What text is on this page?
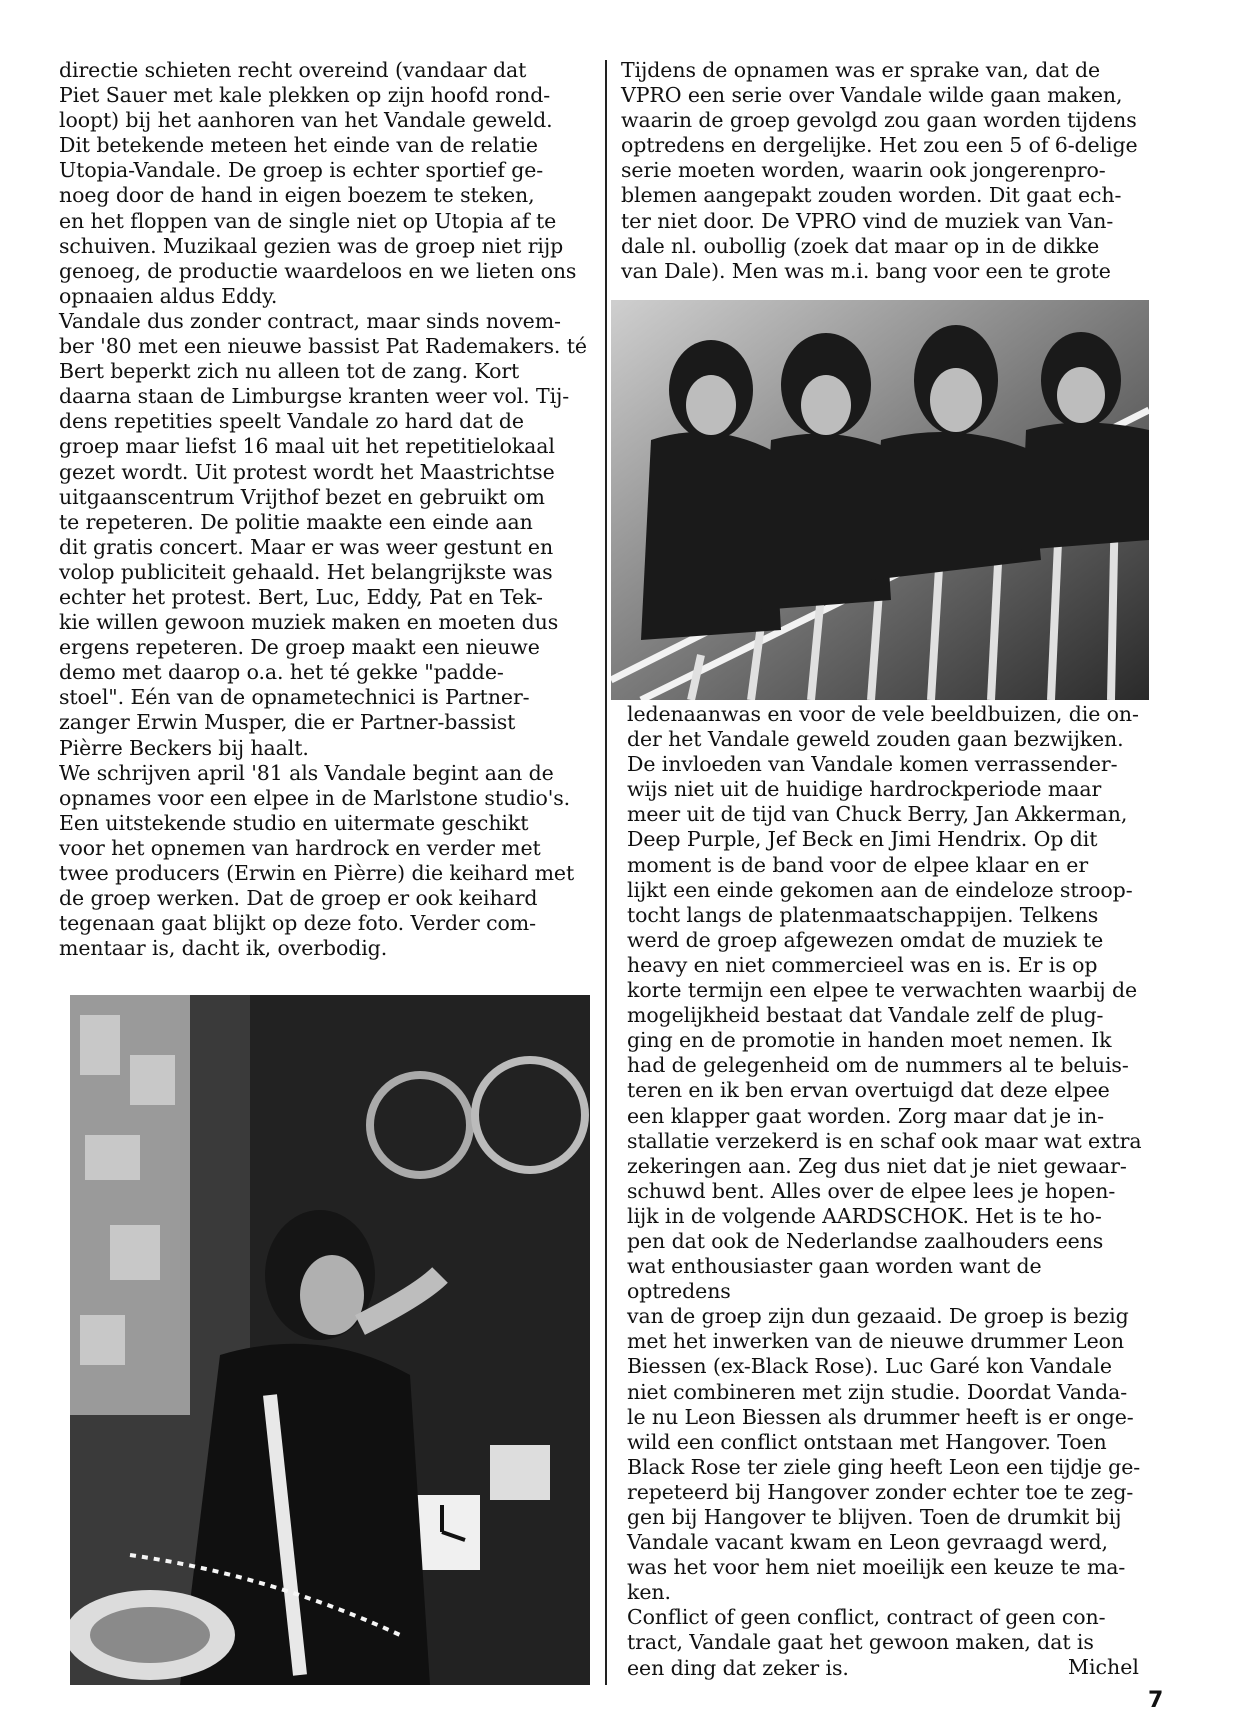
directie schieten recht overeind (vandaar dat
Piet Sauer met kale plekken op zijn hoofd rond-
loopt) bij het aanhoren van het Vandale geweld.
Dit betekende meteen het einde van de relatie
Utopia-Vandale. De groep is echter sportief ge-
noeg door de hand in eigen boezem te steken,
en het floppen van de single niet op Utopia af te
schuiven. Muzikaal gezien was de groep niet rijp
genoeg, de productie waardeloos en we lieten ons
opnaaien aldus Eddy.
Vandale dus zonder contract, maar sinds novem-
ber '80 met een nieuwe bassist Pat Rademakers. té
Bert beperkt zich nu alleen tot de zang. Kort
daarna staan de Limburgse kranten weer vol. Tij-
dens repetities speelt Vandale zo hard dat de
groep maar liefst 16 maal uit het repetitielokaal
gezet wordt. Uit protest wordt het Maastrichtse
uitgaanscentrum Vrijthof bezet en gebruikt om
te repeteren. De politie maakte een einde aan
dit gratis concert. Maar er was weer gestunt en
volop publiciteit gehaald. Het belangrijkste was
echter het protest. Bert, Luc, Eddy, Pat en Tek-
kie willen gewoon muziek maken en moeten dus
ergens repeteren. De groep maakt een nieuwe
demo met daarop o.a. het té gekke "padde-
stoel". Eén van de opnametechnici is Partner-
zanger Erwin Musper, die er Partner-bassist
Pièrre Beckers bij haalt.
We schrijven april '81 als Vandale begint aan de
opnames voor een elpee in de Marlstone studio's.
Een uitstekende studio en uitermate geschikt
voor het opnemen van hardrock en verder met
twee producers (Erwin en Pièrre) die keihard met
de groep werken. Dat de groep er ook keihard
tegenaan gaat blijkt op deze foto. Verder com-
mentaar is, dacht ik, overbodig.
Tijdens de opnamen was er sprake van, dat de
VPRO een serie over Vandale wilde gaan maken,
waarin de groep gevolgd zou gaan worden tijdens
optredens en dergelijke. Het zou een 5 of 6-delige
serie moeten worden, waarin ook jongerenpro-
blemen aangepakt zouden worden. Dit gaat ech-
ter niet door. De VPRO vind de muziek van Van-
dale nl. oubollig (zoek dat maar op in de dikke
van Dale). Men was m.i. bang voor een te grote
ledenaanwas en voor de vele beeldbuizen, die on-
der het Vandale geweld zouden gaan bezwijken.
De invloeden van Vandale komen verrassender-
wijs niet uit de huidige hardrockperiode maar
meer uit de tijd van Chuck Berry, Jan Akkerman,
Deep Purple, Jef Beck en Jimi Hendrix. Op dit
moment is de band voor de elpee klaar en er
lijkt een einde gekomen aan de eindeloze stroop-
tocht langs de platenmaatschappijen. Telkens
werd de groep afgewezen omdat de muziek te
heavy en niet commercieel was en is. Er is op
korte termijn een elpee te verwachten waarbij de
mogelijkheid bestaat dat Vandale zelf de plug-
ging en de promotie in handen moet nemen. Ik
had de gelegenheid om de nummers al te beluis-
teren en ik ben ervan overtuigd dat deze elpee
een klapper gaat worden. Zorg maar dat je in-
stallatie verzekerd is en schaf ook maar wat extra
zekeringen aan. Zeg dus niet dat je niet gewaar-
schuwd bent. Alles over de elpee lees je hopen-
lijk in de volgende AARDSCHOK. Het is te ho-
pen dat ook de Nederlandse zaalhouders eens
wat enthousiaster gaan worden want de optredens
van de groep zijn dun gezaaid. De groep is bezig
met het inwerken van de nieuwe drummer Leon
Biessen (ex-Black Rose). Luc Garé kon Vandale
niet combineren met zijn studie. Doordat Vanda-
le nu Leon Biessen als drummer heeft is er onge-
wild een conflict ontstaan met Hangover. Toen
Black Rose ter ziele ging heeft Leon een tijdje ge-
repeteerd bij Hangover zonder echter toe te zeg-
gen bij Hangover te blijven. Toen de drumkit bij
Vandale vacant kwam en Leon gevraagd werd,
was het voor hem niet moeilijk een keuze te ma-
ken.
Conflict of geen conflict, contract of geen con-
tract, Vandale gaat het gewoon maken, dat is
een ding dat zeker is.	Michel
7
